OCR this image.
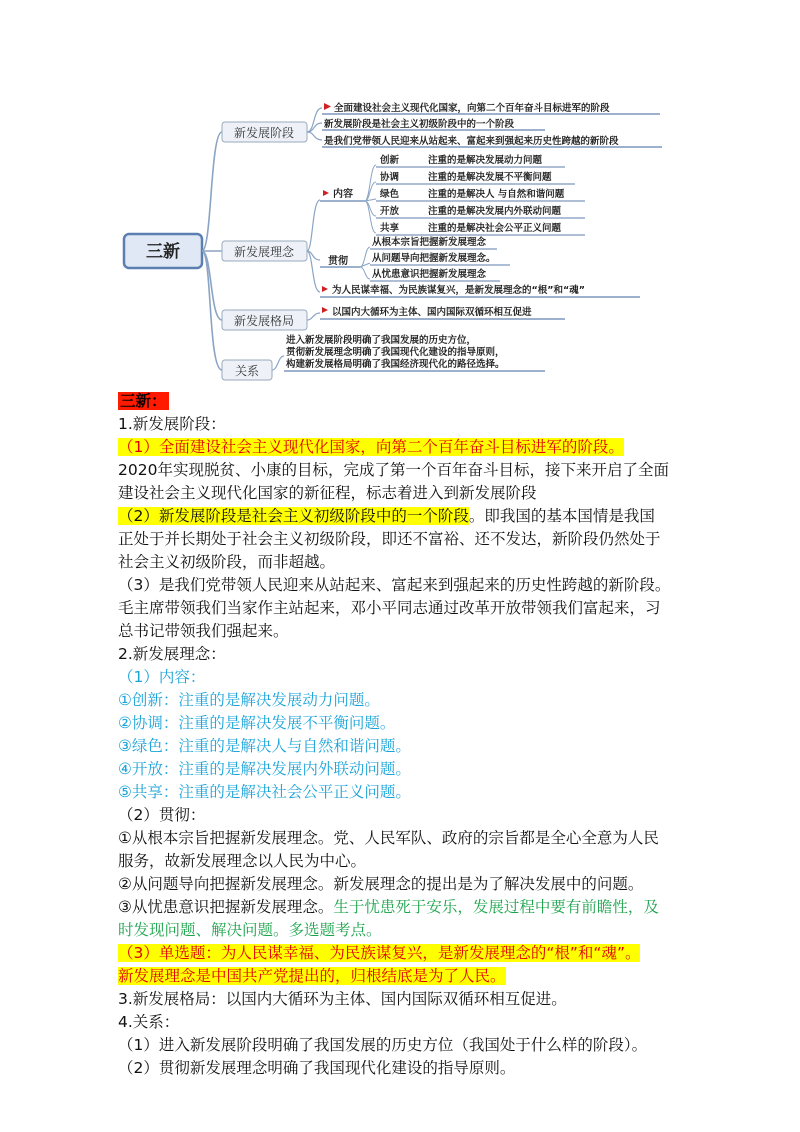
三新
新发展阶段
新发展理念
新发展格局
关系
全面建设社会主义现代化国家，向第二个百年奋斗目标进军的阶段
新发展阶段是社会主义初级阶段中的一个阶段
是我们党带领人民迎来从站起来、富起来到强起来历史性跨越的新阶段
内容
创新	注重的是解决发展动力问题
协调	注重的是解决发展不平衡问题
绿色	注重的是解决人 与自然和谐问题
开放	注重的是解决发展内外联动问题
共享	注重的是解决社会公平正义问题
贯彻
从根本宗旨把握新发展理念
从问题导向把握新发展理念。
从忧患意识把握新发展理念
为人民谋幸福、为民族谋复兴，是新发展理念的“根”和“魂”
以国内大循环为主体、国内国际双循环相互促进
进入新发展阶段明确了我国发展的历史方位，
贯彻新发展理念明确了我国现代化建设的指导原则，
构建新发展格局明确了我国经济现代化的路径选择。
三新：
1.新发展阶段：
（1）全面建设社会主义现代化国家，向第二个百年奋斗目标进军的阶段。
2020年实现脱贫、小康的目标，完成了第一个百年奋斗目标，接下来开启了全面
建设社会主义现代化国家的新征程，标志着进入到新发展阶段
（2）新发展阶段是社会主义初级阶段中的一个阶段。即我国的基本国情是我国
正处于并长期处于社会主义初级阶段，即还不富裕、还不发达，新阶段仍然处于
社会主义初级阶段，而非超越。
（3）是我们党带领人民迎来从站起来、富起来到强起来的历史性跨越的新阶段。
毛主席带领我们当家作主站起来，邓小平同志通过改革开放带领我们富起来，习
总书记带领我们强起来。
2.新发展理念：
（1）内容：
①创新：注重的是解决发展动力问题。
②协调：注重的是解决发展不平衡问题。
③绿色：注重的是解决人与自然和谐问题。
④开放：注重的是解决发展内外联动问题。
⑤共享：注重的是解决社会公平正义问题。
（2）贯彻：
①从根本宗旨把握新发展理念。党、人民军队、政府的宗旨都是全心全意为人民
服务，故新发展理念以人民为中心。
②从问题导向把握新发展理念。新发展理念的提出是为了解决发展中的问题。
③从忧患意识把握新发展理念。生于忧患死于安乐，发展过程中要有前瞻性，及
时发现问题、解决问题。多选题考点。
（3）单选题：为人民谋幸福、为民族谋复兴，是新发展理念的“根”和“魂”。
新发展理念是中国共产党提出的，归根结底是为了人民。
3.新发展格局：以国内大循环为主体、国内国际双循环相互促进。
4.关系：
（1）进入新发展阶段明确了我国发展的历史方位（我国处于什么样的阶段）。
（2）贯彻新发展理念明确了我国现代化建设的指导原则。
